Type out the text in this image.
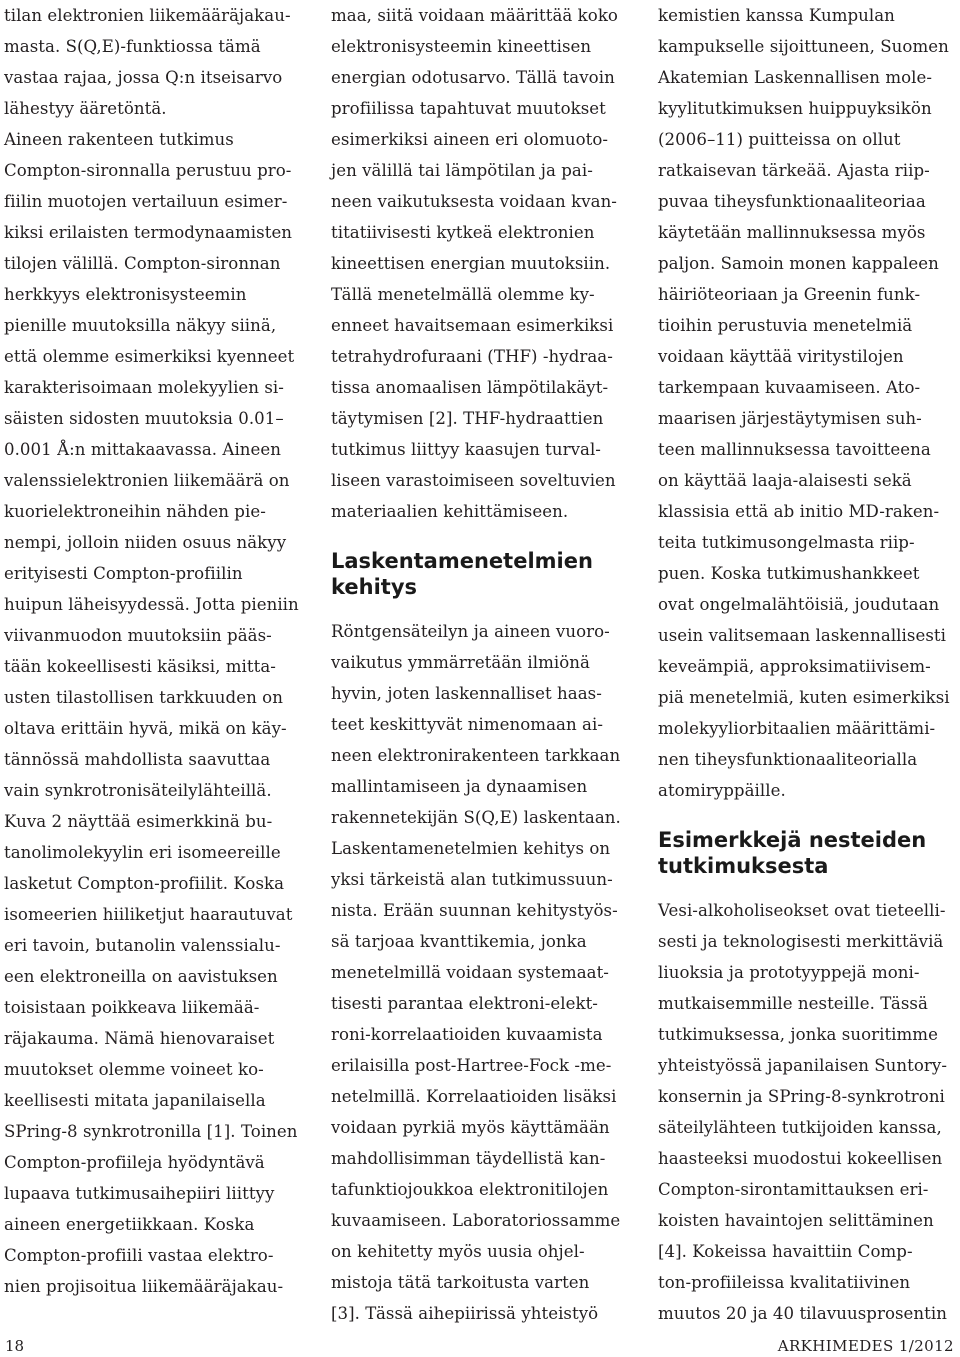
tilan elektronien liikemääräjakau-
masta. S(Q,E)-funktiossa tämä
vastaa rajaa, jossa Q:n itseisarvo
lähestyy ääretöntä.
Aineen rakenteen tutkimus
Compton-sironnalla perustuu pro-
fiilin muotojen vertailuun esimer-
kiksi erilaisten termodynaamisten
tilojen välillä. Compton-sironnan
herkkyys elektronisysteemin
pienille muutoksilla näkyy siinä,
että olemme esimerkiksi kyenneet
karakterisoimaan molekyylien si-
säisten sidosten muutoksia 0.01–
0.001 Å:n mittakaavassa. Aineen
valenssielektronien liikemäärä on
kuorielektroneihin nähden pie-
nempi, jolloin niiden osuus näkyy
erityisesti Compton-profiilin
huipun läheisyydessä. Jotta pieniin
viivanmuodon muutoksiin pääs-
tään kokeellisesti käsiksi, mitta-
usten tilastollisen tarkkuuden on
oltava erittäin hyvä, mikä on käy-
tännössä mahdollista saavuttaa
vain synkrotronisäteilylähteillä.
Kuva 2 näyttää esimerkkinä bu-
tanolimolekyylin eri isomeereille
lasketut Compton-profiilit. Koska
isomeerien hiiliketjut haarautuvat
eri tavoin, butanolin valenssialu-
een elektroneilla on aavistuksen
toisistaan poikkeava liikemää-
räjakauma. Nämä hienovaraiset
muutokset olemme voineet ko-
keellisesti mitata japanilaisella
SPring-8 synkrotronilla [1]. Toinen
Compton-profiileja hyödyntävä
lupaava tutkimusaihepiiri liittyy
aineen energetiikkaan. Koska
Compton-profiili vastaa elektro-
nien projisoitua liikemääräjakau-
maa, siitä voidaan määrittää koko
elektronisysteemin kineettisen
energian odotusarvo. Tällä tavoin
profiilissa tapahtuvat muutokset
esimerkiksi aineen eri olomuoto-
jen välillä tai lämpötilan ja pai-
neen vaikutuksesta voidaan kvan-
titatiivisesti kytkeä elektronien
kineettisen energian muutoksiin.
Tällä menetelmällä olemme ky-
enneet havaitsemaan esimerkiksi
tetrahydrofuraani (THF) -hydraa-
tissa anomaalisen lämpötilakäyt-
täytymisen [2]. THF-hydraattien
tutkimus liittyy kaasujen turval-
liseen varastoimiseen soveltuvien
materiaalien kehittämiseen.
Laskentamenetelmien
kehitys
Röntgensäteilyn ja aineen vuoro-
vaikutus ymmärretään ilmiönä
hyvin, joten laskennalliset haas-
teet keskittyvät nimenomaan ai-
neen elektronirakenteen tarkkaan
mallintamiseen ja dynaamisen
rakennetekijän S(Q,E) laskentaan.
Laskentamenetelmien kehitys on
yksi tärkeistä alan tutkimussuun-
nista. Erään suunnan kehitystyös-
sä tarjoaa kvanttikemia, jonka
menetelmillä voidaan systemaat-
tisesti parantaa elektroni-elekt-
roni-korrelaatioiden kuvaamista
erilaisilla post-Hartree-Fock -me-
netelmillä. Korrelaatioiden lisäksi
voidaan pyrkiä myös käyttämään
mahdollisimman täydellistä kan-
tafunktiojoukkoa elektronitilojen
kuvaamiseen. Laboratoriossamme
on kehitetty myös uusia ohjel-
mistoja tätä tarkoitusta varten
[3]. Tässä aihepiirissä yhteistyö
kemistien kanssa Kumpulan
kampukselle sijoittuneen, Suomen
Akatemian Laskennallisen mole-
kyylitutkimuksen huippuyksikön
(2006–11) puitteissa on ollut
ratkaisevan tärkeää. Ajasta riip-
puvaa tiheysfunktionaaliteoriaa
käytetään mallinnuksessa myös
paljon. Samoin monen kappaleen
häiriöteoriaan ja Greenin funk-
tioihin perustuvia menetelmiä
voidaan käyttää viritystilojen
tarkempaan kuvaamiseen. Ato-
maarisen järjestäytymisen suh-
teen mallinnuksessa tavoitteena
on käyttää laaja-alaisesti sekä
klassisia että ab initio MD-raken-
teita tutkimusongelmasta riip-
puen. Koska tutkimushankkeet
ovat ongelmalähtöisiä, joudutaan
usein valitsemaan laskennallisesti
keveämpiä, approksimatiivisem-
piä menetelmiä, kuten esimerkiksi
molekyyliorbitaalien määrittämi-
nen tiheysfunktionaaliteorialla
atomiryppäille.
Esimerkkejä nesteiden
tutkimuksesta
Vesi-alkoholiseokset ovat tieteelli-
sesti ja teknologisesti merkittäviä
liuoksia ja prototyyppejä moni-
mutkaisemmille nesteille. Tässä
tutkimuksessa, jonka suoritimme
yhteistyössä japanilaisen Suntory-
konsernin ja SPring-8-synkrotroni
säteilylähteen tutkijoiden kanssa,
haasteeksi muodostui kokeellisen
Compton-sirontamittauksen eri-
koisten havaintojen selittäminen
[4]. Kokeissa havaittiin Comp-
ton-profiileissa kvalitatiivinen
muutos 20 ja 40 tilavuusprosentin
18	ARKHIMEDES 1/2012
